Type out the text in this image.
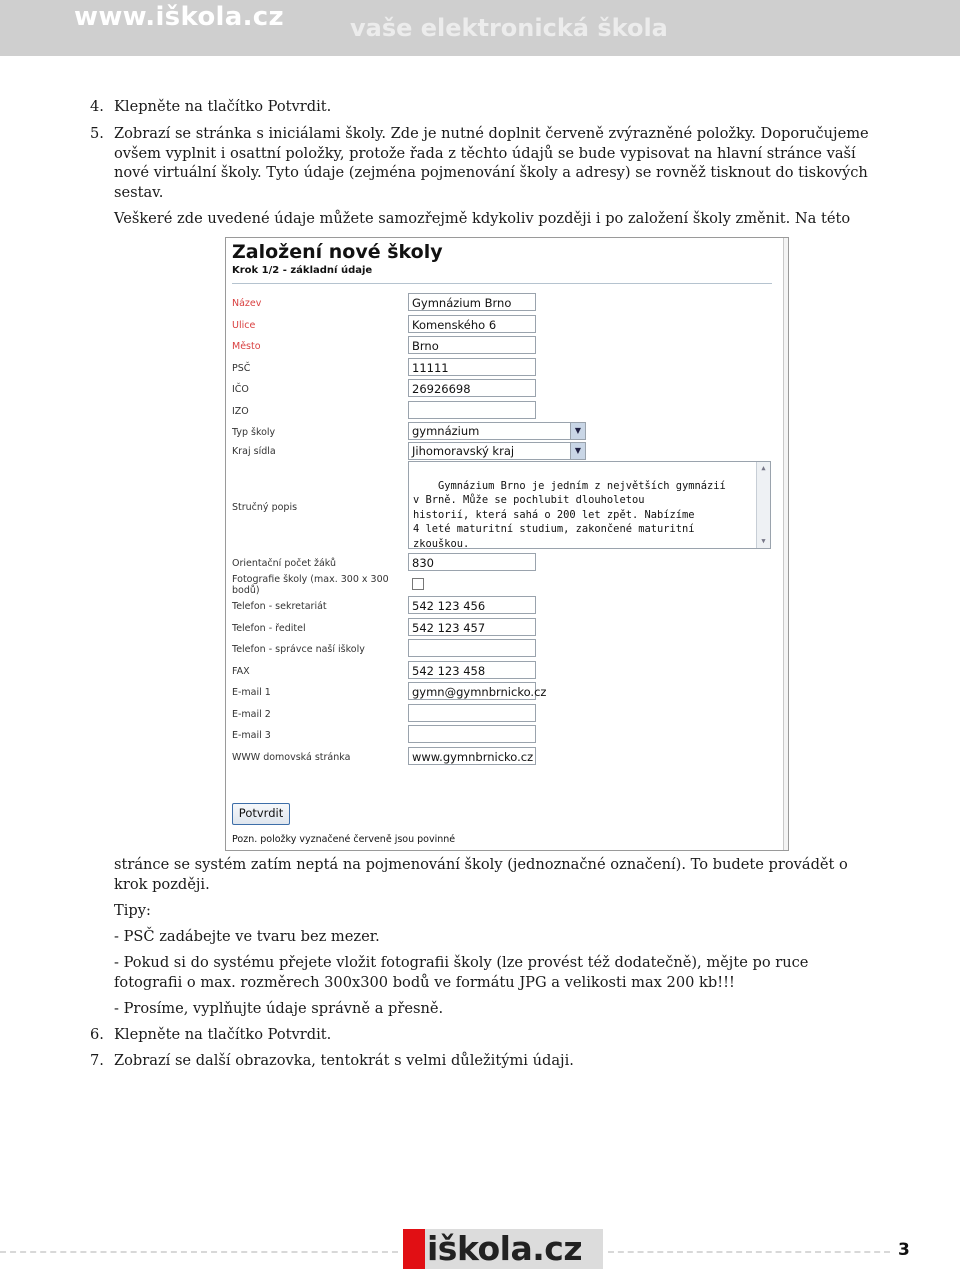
www.iškola.cz	vaše elektronická škola
4. Klepněte na tlačítko Potvrdit.
5. Zobrazí se stránka s iniciálami školy. Zde je nutné doplnit červeně zvýrazněné položky. Doporučujeme ovšem vyplnit i osattní položky, protože řada z těchto údajů se bude vypisovat na hlavní stránce vaší nové virtuální školy. Tyto údaje (zejména pojmenování školy a adresy) se rovněž tisknout do tiskových sestav.
Veškeré zde uvedené údaje můžete samozřejmě kdykoliv později i po založení školy změnit. Na této
Založení nové školy
Krok 1/2 - základní údaje
Název	Gymnázium Brno
Ulice	Komenského 6
Město	Brno
PSČ	11111
IČO	26926698
IZO
Typ školy	gymnázium	▼
Kraj sídla	Jihomoravský kraj	▼
Stručný popis

Gymnázium Brno je jedním z největších gymnázií
v Brně. Může se pochlubit dlouholetou
historií, která sahá o 200 let zpět. Nabízíme
4 leté maturitní studium, zakončené maturitní
zkouškou.

▲

▼

Orientační počet žáků	830
Fotografie školy (max. 300 x 300 bodů)
Telefon - sekretariát	542 123 456
Telefon - ředitel	542 123 457
Telefon - správce naší iškoly
FAX	542 123 458
E-mail 1	gymn@gymnbrnicko.cz
E-mail 2
E-mail 3
WWW domovská stránka	www.gymnbrnicko.cz
Potvrdit
Pozn. položky vyznačené červeně jsou povinné
stránce se systém zatím neptá na pojmenování školy (jednoznačné označení). To budete provádět o krok později.
Tipy:
- PSČ zadábejte ve tvaru bez mezer.
- Pokud si do systému přejete vložit fotografii školy (lze provést též dodatečně), mějte po ruce fotografii o max. rozměrech 300x300 bodů ve formátu JPG a velikosti max 200 kb!!!
- Prosíme, vyplňujte údaje správně a přesně.
6. Klepněte na tlačítko Potvrdit.
7. Zobrazí se další obrazovka, tentokrát s velmi důležitými údaji.
iškola.cz	3
